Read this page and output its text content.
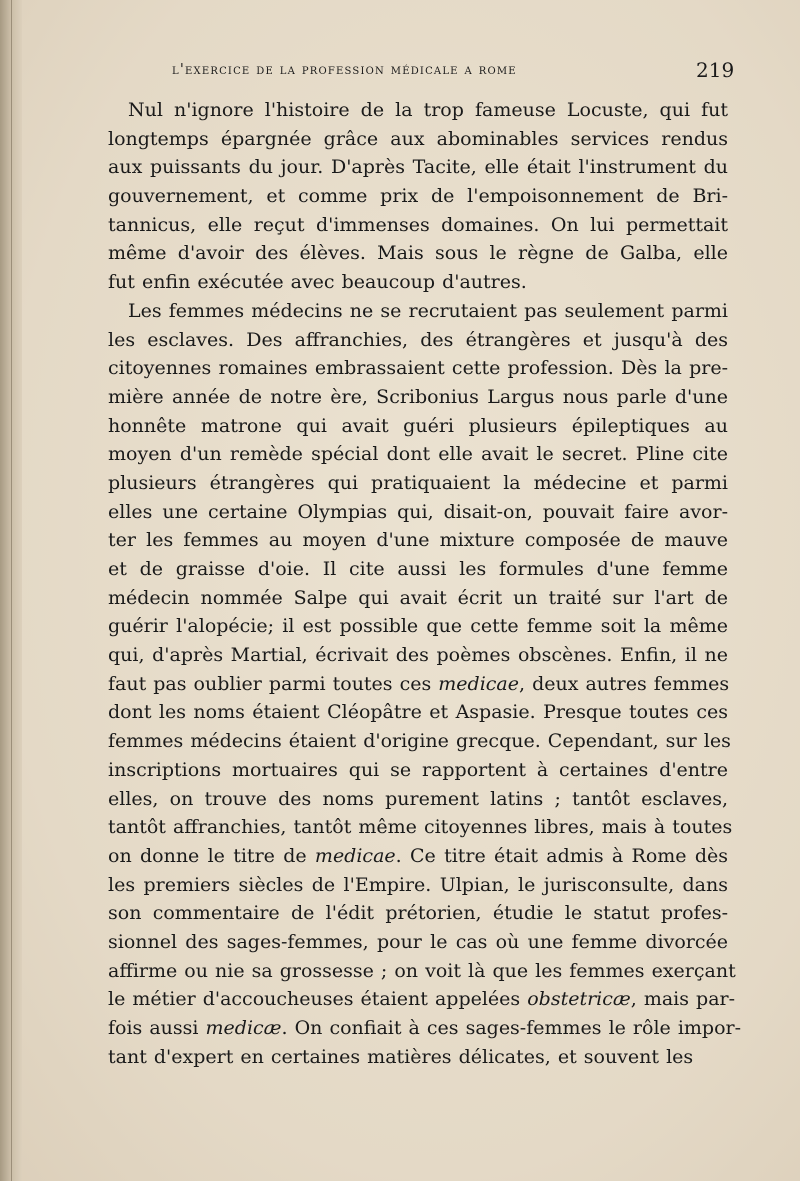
l'exercice de la profession médicale a rome	219
Nul n'ignore l'histoire de la trop fameuse Locuste, qui fut
longtemps épargnée grâce aux abominables services rendus
aux puissants du jour. D'après Tacite, elle était l'instrument du
gouvernement, et comme prix de l'empoisonnement de Bri-
tannicus, elle reçut d'immenses domaines. On lui permettait
même d'avoir des élèves. Mais sous le règne de Galba, elle
fut enfin exécutée avec beaucoup d'autres.
Les femmes médecins ne se recrutaient pas seulement parmi
les esclaves. Des affranchies, des étrangères et jusqu'à des
citoyennes romaines embrassaient cette profession. Dès la pre-
mière année de notre ère, Scribonius Largus nous parle d'une
honnête matrone qui avait guéri plusieurs épileptiques au
moyen d'un remède spécial dont elle avait le secret. Pline cite
plusieurs étrangères qui pratiquaient la médecine et parmi
elles une certaine Olympias qui, disait-on, pouvait faire avor-
ter les femmes au moyen d'une mixture composée de mauve
et de graisse d'oie. Il cite aussi les formules d'une femme
médecin nommée Salpe qui avait écrit un traité sur l'art de
guérir l'alopécie; il est possible que cette femme soit la même
qui, d'après Martial, écrivait des poèmes obscènes. Enfin, il ne
faut pas oublier parmi toutes ces medicae, deux autres femmes
dont les noms étaient Cléopâtre et Aspasie. Presque toutes ces
femmes médecins étaient d'origine grecque. Cependant, sur les
inscriptions mortuaires qui se rapportent à certaines d'entre
elles, on trouve des noms purement latins ; tantôt esclaves,
tantôt affranchies, tantôt même citoyennes libres, mais à toutes
on donne le titre de medicae. Ce titre était admis à Rome dès
les premiers siècles de l'Empire. Ulpian, le jurisconsulte, dans
son commentaire de l'édit prétorien, étudie le statut profes-
sionnel des sages-femmes, pour le cas où une femme divorcée
affirme ou nie sa grossesse ; on voit là que les femmes exerçant
le métier d'accoucheuses étaient appelées obstetricæ, mais par-
fois aussi medicæ. On confiait à ces sages-femmes le rôle impor-
tant d'expert en certaines matières délicates, et souvent les
